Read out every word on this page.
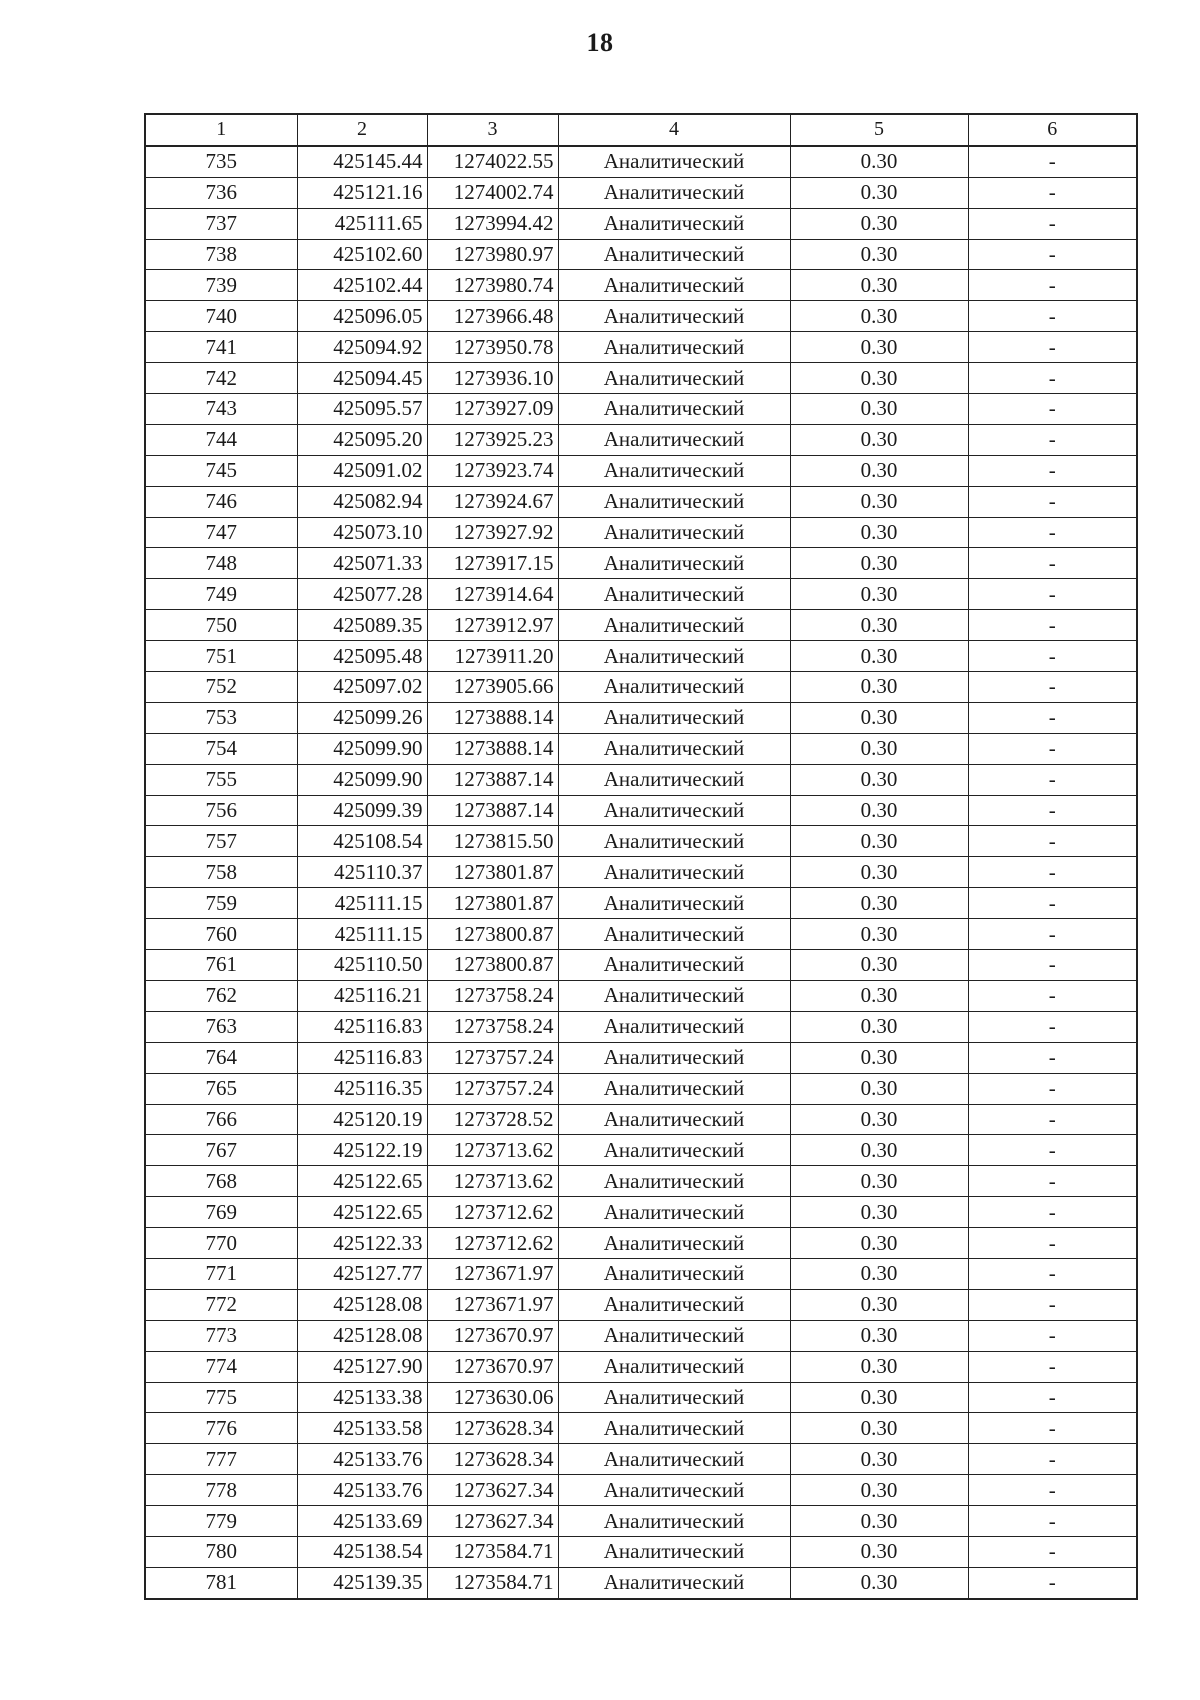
18
1	2	3	4	5	6
735	425145.44	1274022.55	Аналитический	0.30	-
736	425121.16	1274002.74	Аналитический	0.30	-
737	425111.65	1273994.42	Аналитический	0.30	-
738	425102.60	1273980.97	Аналитический	0.30	-
739	425102.44	1273980.74	Аналитический	0.30	-
740	425096.05	1273966.48	Аналитический	0.30	-
741	425094.92	1273950.78	Аналитический	0.30	-
742	425094.45	1273936.10	Аналитический	0.30	-
743	425095.57	1273927.09	Аналитический	0.30	-
744	425095.20	1273925.23	Аналитический	0.30	-
745	425091.02	1273923.74	Аналитический	0.30	-
746	425082.94	1273924.67	Аналитический	0.30	-
747	425073.10	1273927.92	Аналитический	0.30	-
748	425071.33	1273917.15	Аналитический	0.30	-
749	425077.28	1273914.64	Аналитический	0.30	-
750	425089.35	1273912.97	Аналитический	0.30	-
751	425095.48	1273911.20	Аналитический	0.30	-
752	425097.02	1273905.66	Аналитический	0.30	-
753	425099.26	1273888.14	Аналитический	0.30	-
754	425099.90	1273888.14	Аналитический	0.30	-
755	425099.90	1273887.14	Аналитический	0.30	-
756	425099.39	1273887.14	Аналитический	0.30	-
757	425108.54	1273815.50	Аналитический	0.30	-
758	425110.37	1273801.87	Аналитический	0.30	-
759	425111.15	1273801.87	Аналитический	0.30	-
760	425111.15	1273800.87	Аналитический	0.30	-
761	425110.50	1273800.87	Аналитический	0.30	-
762	425116.21	1273758.24	Аналитический	0.30	-
763	425116.83	1273758.24	Аналитический	0.30	-
764	425116.83	1273757.24	Аналитический	0.30	-
765	425116.35	1273757.24	Аналитический	0.30	-
766	425120.19	1273728.52	Аналитический	0.30	-
767	425122.19	1273713.62	Аналитический	0.30	-
768	425122.65	1273713.62	Аналитический	0.30	-
769	425122.65	1273712.62	Аналитический	0.30	-
770	425122.33	1273712.62	Аналитический	0.30	-
771	425127.77	1273671.97	Аналитический	0.30	-
772	425128.08	1273671.97	Аналитический	0.30	-
773	425128.08	1273670.97	Аналитический	0.30	-
774	425127.90	1273670.97	Аналитический	0.30	-
775	425133.38	1273630.06	Аналитический	0.30	-
776	425133.58	1273628.34	Аналитический	0.30	-
777	425133.76	1273628.34	Аналитический	0.30	-
778	425133.76	1273627.34	Аналитический	0.30	-
779	425133.69	1273627.34	Аналитический	0.30	-
780	425138.54	1273584.71	Аналитический	0.30	-
781	425139.35	1273584.71	Аналитический	0.30	-
